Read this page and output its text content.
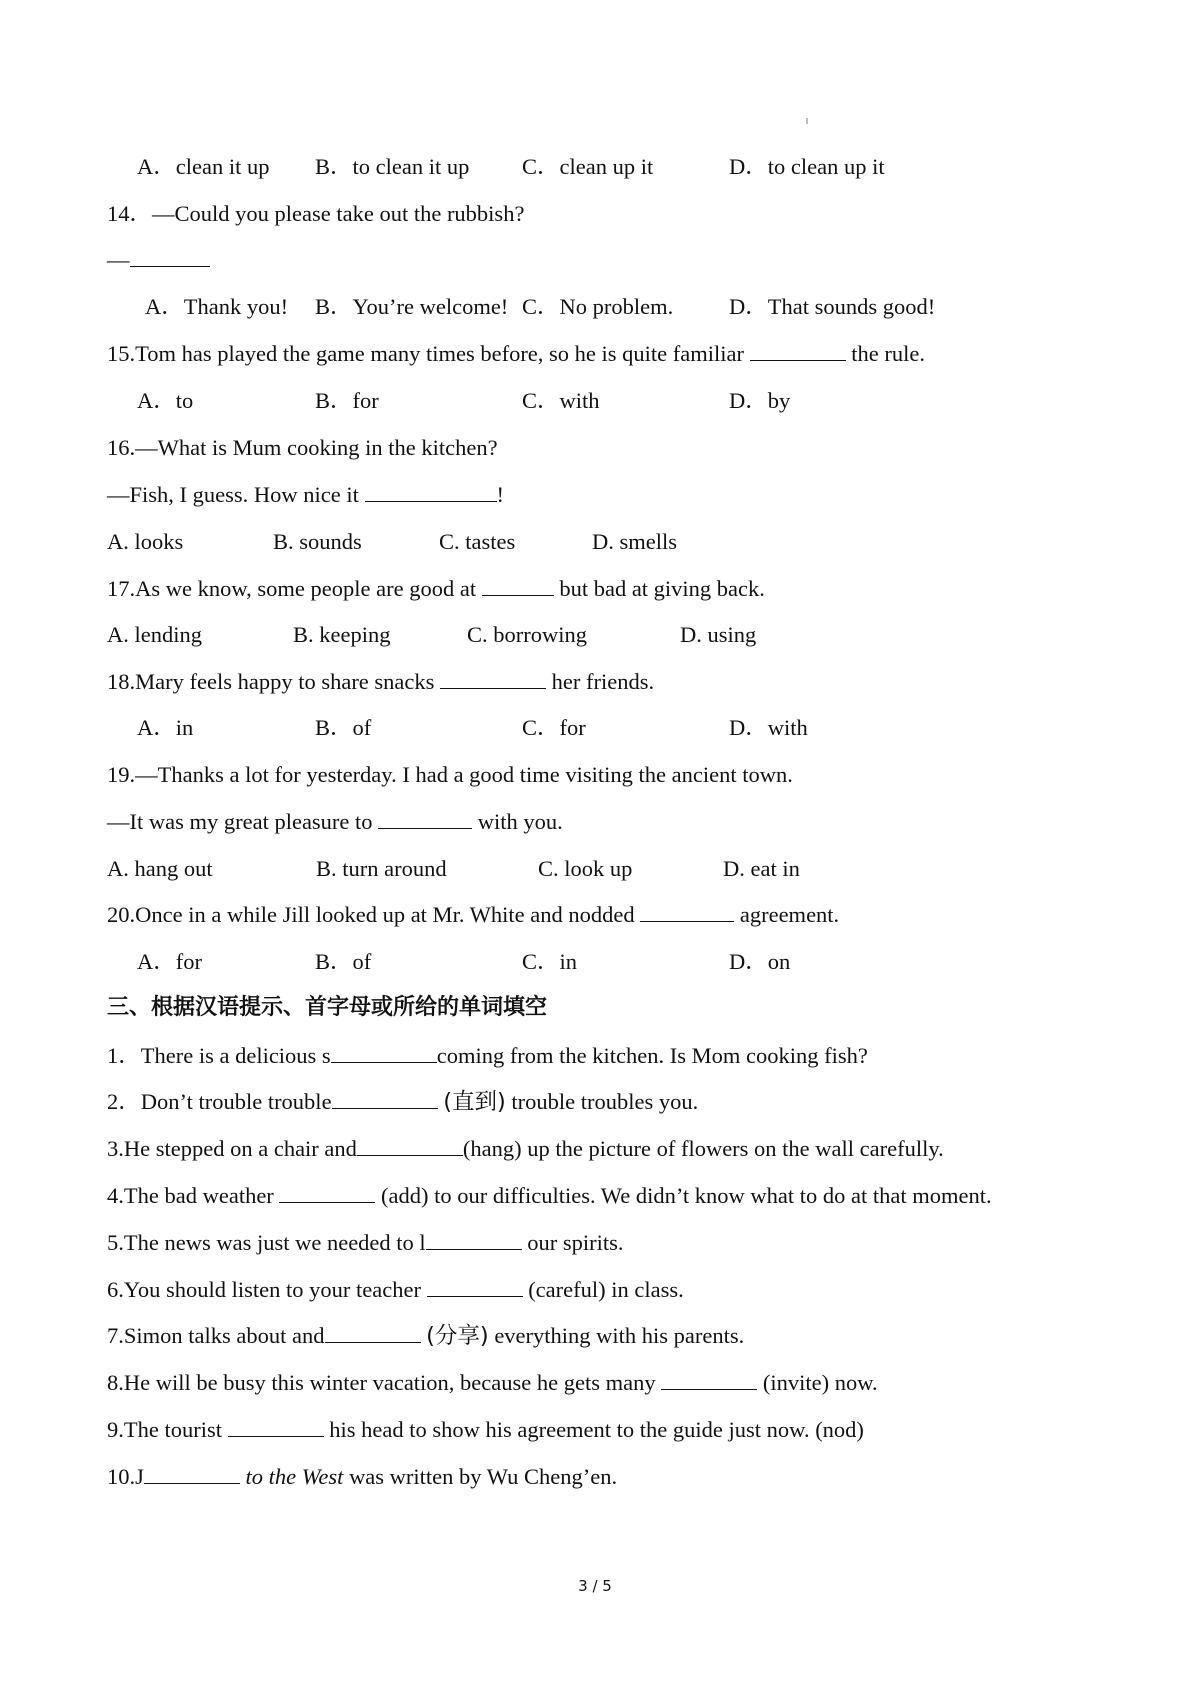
A．clean it up B．to clean it up C．clean up it	D．to clean up it
14．—Could you please take out the rubbish?
—
A．Thank you! B．You’re welcome! C．No problem. D．That sounds good!
15.Tom has played the game many times before, so he is quite familiar	the rule.
A．to	B．for	C．with	D．by
16.—What is Mum cooking in the kitchen?
—Fish, I guess. How nice it	!
A. looks	B. sounds	C. tastes	D. smells
17.As we know, some people are good at	but bad at giving back.
A. lending	B. keeping	C. borrowing	D. using
18.Mary feels happy to share snacks	her friends.
A．in	B．of	C．for	D．with
19.—Thanks a lot for yesterday. I had a good time visiting the ancient town.
—It was my great pleasure to	with you.
A. hang out	B. turn around	C. look up	D. eat in
20.Once in a while Jill looked up at Mr. White and nodded	agreement.
A．for	B．of	C．in	D．on
三、根据汉语提示、首字母或所给的单词填空
1．There is a delicious s	coming from the kitchen. Is Mom cooking fish?
2．Don’t trouble trouble	(直到) trouble troubles you.
3.He stepped on a chair and	(hang) up the picture of flowers on the wall carefully.
4.The bad weather	(add) to our difficulties. We didn’t know what to do at that moment.
5.The news was just we needed to l	our spirits.
6.You should listen to your teacher	(careful) in class.
7.Simon talks about and	(分享) everything with his parents.
8.He will be busy this winter vacation, because he gets many	(invite) now.
9.The tourist	his head to show his agreement to the guide just now. (nod)
10.J	to the West was written by Wu Cheng’en.
3 / 5
